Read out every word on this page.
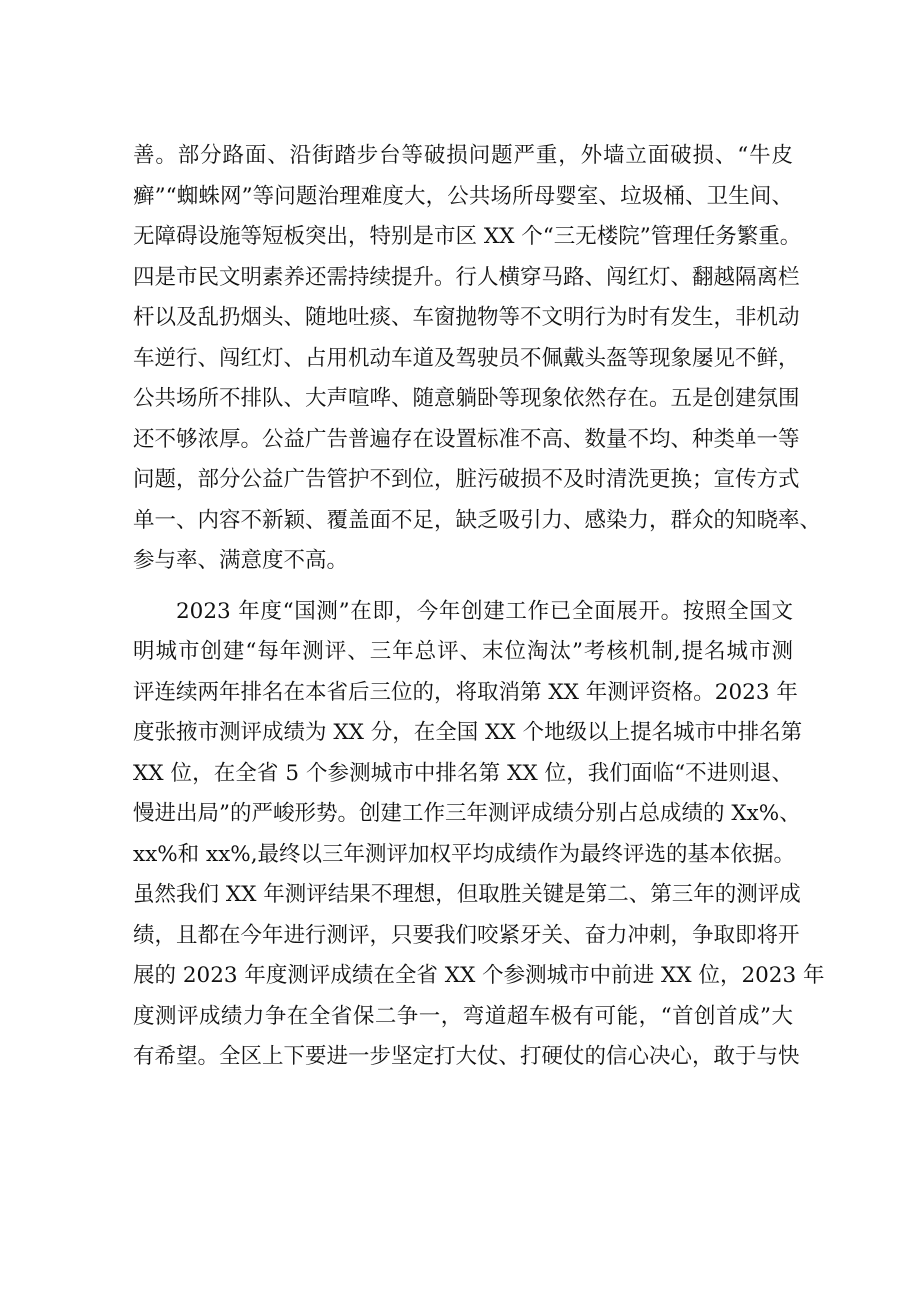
善。部分路面、沿街踏步台等破损问题严重，外墙立面破损、“牛皮
癣”“蜘蛛网”等问题治理难度大，公共场所母婴室、垃圾桶、卫生间、
无障碍设施等短板突出，特别是市区 XX 个“三无楼院”管理任务繁重。
四是市民文明素养还需持续提升。行人横穿马路、闯红灯、翻越隔离栏
杆以及乱扔烟头、随地吐痰、车窗抛物等不文明行为时有发生，非机动
车逆行、闯红灯、占用机动车道及驾驶员不佩戴头盔等现象屡见不鲜，
公共场所不排队、大声喧哗、随意躺卧等现象依然存在。五是创建氛围
还不够浓厚。公益广告普遍存在设置标准不高、数量不均、种类单一等
问题，部分公益广告管护不到位，脏污破损不及时清洗更换；宣传方式
单一、内容不新颖、覆盖面不足，缺乏吸引力、感染力，群众的知晓率、
参与率、满意度不高。
2023 年度“国测”在即，今年创建工作已全面展开。按照全国文
明城市创建“每年测评、三年总评、末位淘汰”考核机制,提名城市测
评连续两年排名在本省后三位的，将取消第 XX 年测评资格。2023 年
度张掖市测评成绩为 XX 分，在全国 XX 个地级以上提名城市中排名第
XX 位，在全省 5 个参测城市中排名第 XX 位，我们面临“不进则退、
慢进出局”的严峻形势。创建工作三年测评成绩分别占总成绩的 Xx%、
xx%和 xx%,最终以三年测评加权平均成绩作为最终评选的基本依据。
虽然我们 XX 年测评结果不理想，但取胜关键是第二、第三年的测评成
绩，且都在今年进行测评，只要我们咬紧牙关、奋力冲刺，争取即将开
展的 2023 年度测评成绩在全省 XX 个参测城市中前进 XX 位，2023 年
度测评成绩力争在全省保二争一，弯道超车极有可能，“首创首成”大
有希望。全区上下要进一步坚定打大仗、打硬仗的信心决心，敢于与快
